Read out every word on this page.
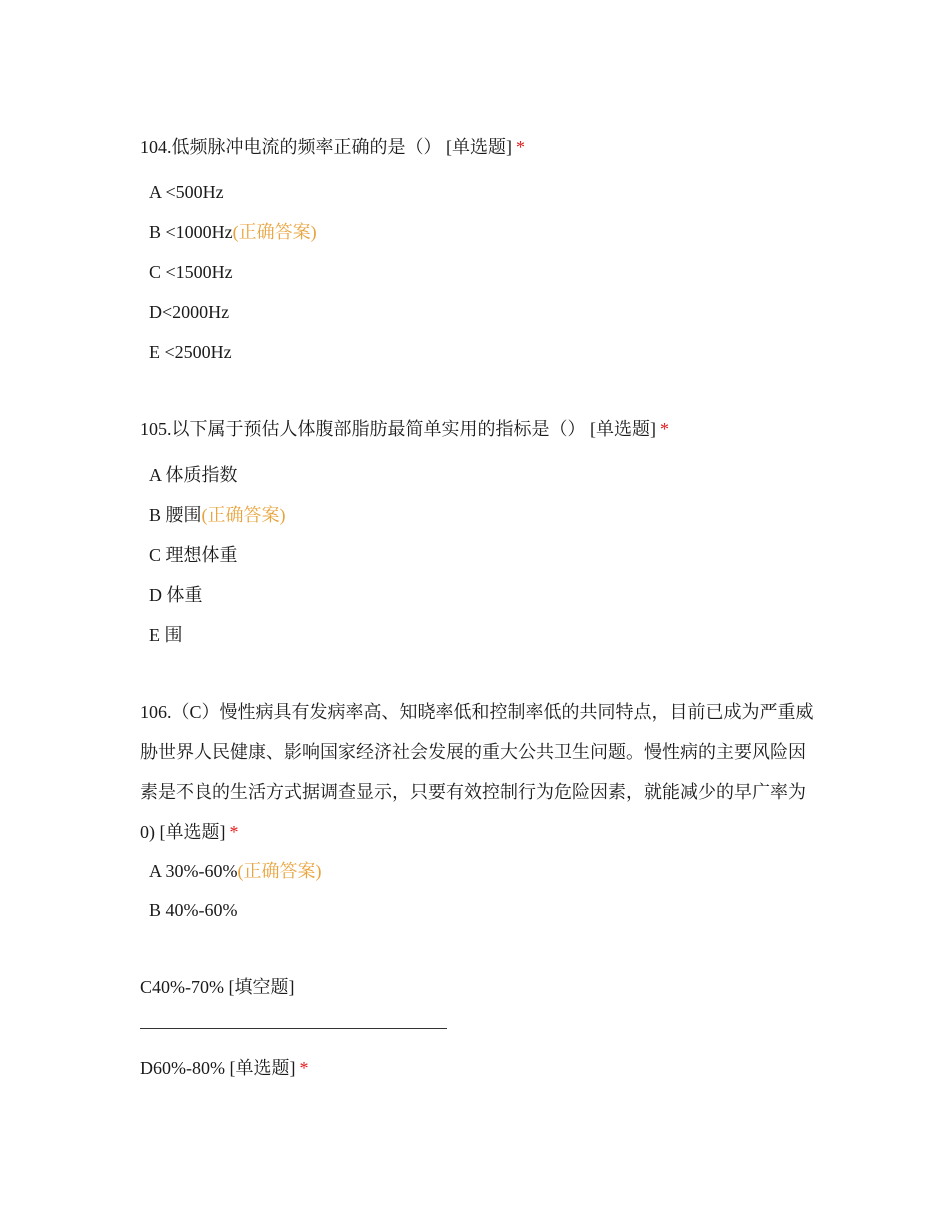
104.低频脉冲电流的频率正确的是（） [单选题] *
A <500Hz
B <1000Hz(正确答案)
C <1500Hz
D<2000Hz
E <2500Hz
105.以下属于预估人体腹部脂肪最简单实用的指标是（） [单选题] *
A 体质指数
B 腰围(正确答案)
C 理想体重
D 体重
E 围
106.（C）慢性病具有发病率高、知晓率低和控制率低的共同特点，目前已成为严重威胁世界人民健康、影响国家经济社会发展的重大公共卫生问题。慢性病的主要风险因素是不良的生活方式据调查显示，只要有效控制行为危险因素，就能减少的早广率为 0) [单选题] *
A 30%-60%(正确答案)
B 40%-60%
C40%-70% [填空题]
D60%-80% [单选题] *
